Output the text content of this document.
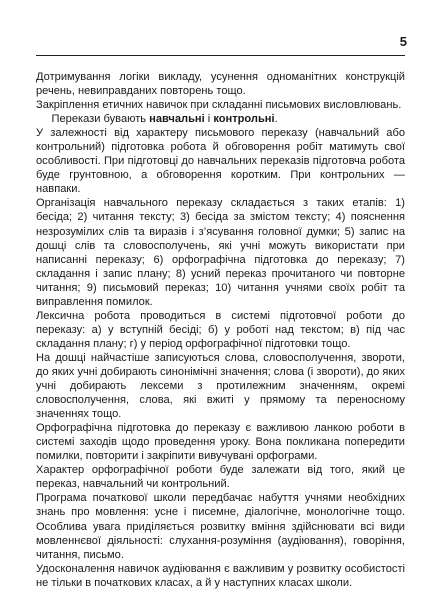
5

Дотримування логіки викладу, усунення одноманітних конструкцій речень, невиправданих повторень тощо.

Закріплення етичних навичок при складанні письмових висловлювань.

Перекази бувають навчальні і контрольні.

У залежності від характеру письмового переказу (навчальний або контрольний) підготовка робота й обговорення робіт матимуть свої особливості. При підготовці до навчальних переказів підготовча робота буде грунтовною, а обговорення коротким. При контрольних — навпаки.

Організація навчального переказу складається з таких етапів: 1) бесіда; 2) читання тексту; 3) бесіда за змістом тексту; 4) пояснення незрозумілих слів та виразів і з’ясування головної думки; 5) запис на дошці слів та словосполучень, які учні можуть використати при написанні переказу; 6) орфографічна підготовка до переказу; 7) складання і запис плану; 8) усний переказ прочитаного чи повторне читання; 9) письмовий переказ; 10) читання учнями своїх робіт та виправлення помилок.

Лексична робота проводиться в системі підготовчої роботи до переказу: а) у вступній бесіді; б) у роботі над текстом; в) під час складання плану; г) у період орфографічної підготовки тощо.

На дошці найчастіше записуються слова, словосполучення, звороти, до яких учні добирають синонімічні значення; слова (і звороти), до яких учні добирають лексеми з протилежним значенням, окремі словосполучення, слова, які вжиті у прямому та переносному значеннях тощо.

Орфографічна підготовка до переказу є важливою ланкою роботи в системі заходів щодо проведення уроку. Вона покликана попередити помилки, повторити і закріпити вивучувані орфограми.

Характер орфографічної роботи буде залежати від того, який це переказ, навчальний чи контрольний.

Програма початкової школи передбачає набуття учнями необхідних знань про мовлення: усне і писемне, діалогічне, монологічне тощо. Особлива увага приділяється розвитку вміння здійснювати всі види мовленнєвої діяльності: слухання-розуміння (аудіювання), говоріння, читання, письмо.

Удосконалення навичок аудіювання є важливим у розвитку особистості не тільки в початкових класах, а й у наступних класах школи.
